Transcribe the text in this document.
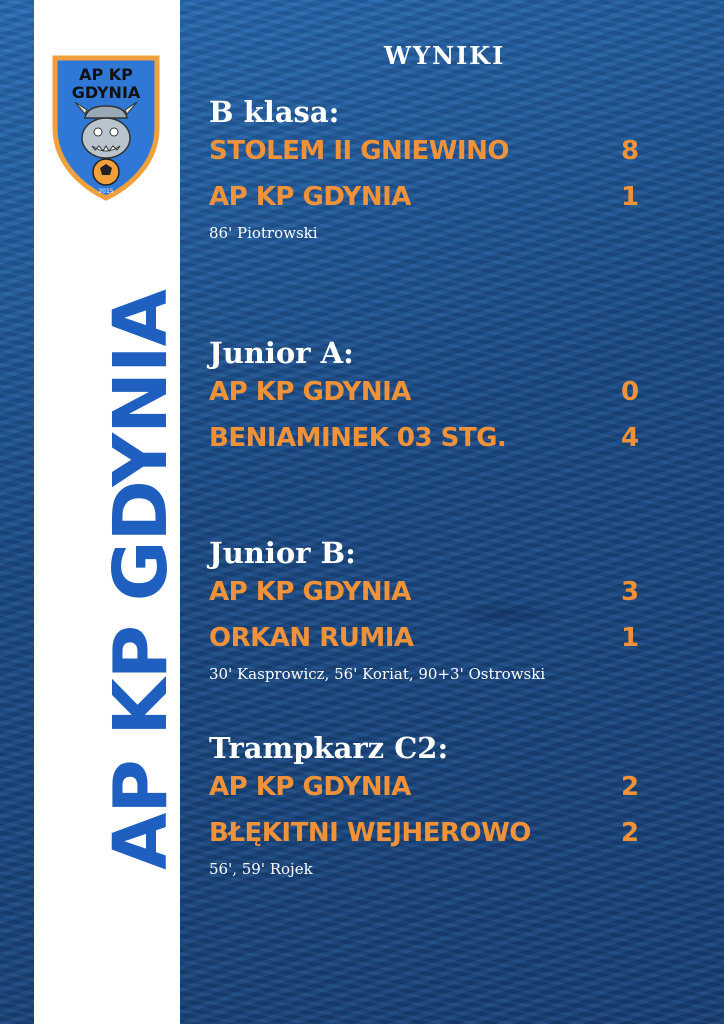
AP KP GDYNIA
AP KP
GDYNIA
2015
WYNIKI
B klasa:
STOLEM II GNIEWINO	8
AP KP GDYNIA	1
86' Piotrowski
Junior A:
AP KP GDYNIA	0
BENIAMINEK 03 STG.	4
Junior B:
AP KP GDYNIA	3
ORKAN RUMIA	1
30' Kasprowicz, 56' Koriat, 90+3' Ostrowski
Trampkarz C2:
AP KP GDYNIA	2
BŁĘKITNI WEJHEROWO	2
56', 59' Rojek
